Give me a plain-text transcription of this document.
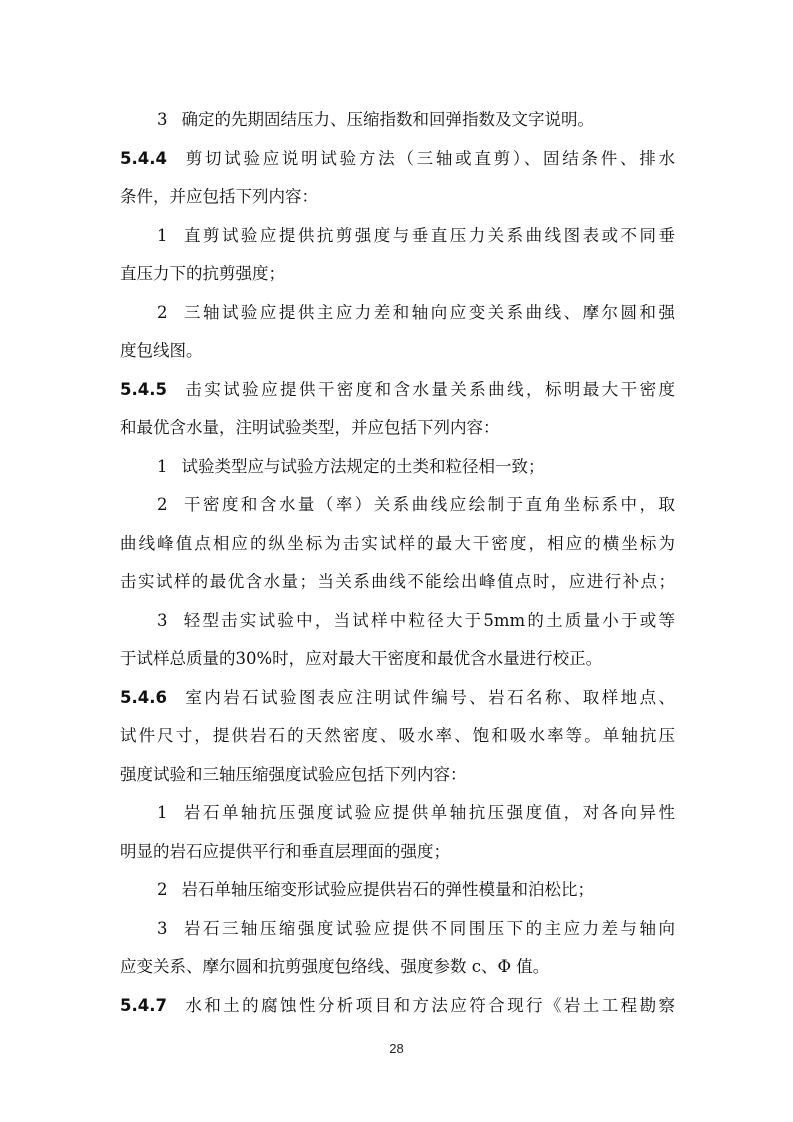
3 确定的先期固结压力、压缩指数和回弹指数及文字说明。
5.4.4 剪切试验应说明试验方法（三轴或直剪）、固结条件、排水
条件，并应包括下列内容：
1 直剪试验应提供抗剪强度与垂直压力关系曲线图表或不同垂
直压力下的抗剪强度；
2 三轴试验应提供主应力差和轴向应变关系曲线、摩尔圆和强
度包线图。
5.4.5 击实试验应提供干密度和含水量关系曲线，标明最大干密度
和最优含水量，注明试验类型，并应包括下列内容：
1 试验类型应与试验方法规定的土类和粒径相一致；
2 干密度和含水量（率）关系曲线应绘制于直角坐标系中，取
曲线峰值点相应的纵坐标为击实试样的最大干密度，相应的横坐标为
击实试样的最优含水量；当关系曲线不能绘出峰值点时，应进行补点；
3 轻型击实试验中，当试样中粒径大于5mm的土质量小于或等
于试样总质量的30%时，应对最大干密度和最优含水量进行校正。
5.4.6 室内岩石试验图表应注明试件编号、岩石名称、取样地点、
试件尺寸，提供岩石的天然密度、吸水率、饱和吸水率等。单轴抗压
强度试验和三轴压缩强度试验应包括下列内容：
1 岩石单轴抗压强度试验应提供单轴抗压强度值，对各向异性
明显的岩石应提供平行和垂直层理面的强度；
2 岩石单轴压缩变形试验应提供岩石的弹性模量和泊松比；
3 岩石三轴压缩强度试验应提供不同围压下的主应力差与轴向
应变关系、摩尔圆和抗剪强度包络线、强度参数 c、Φ 值。
5.4.7 水和土的腐蚀性分析项目和方法应符合现行《岩土工程勘察
28
